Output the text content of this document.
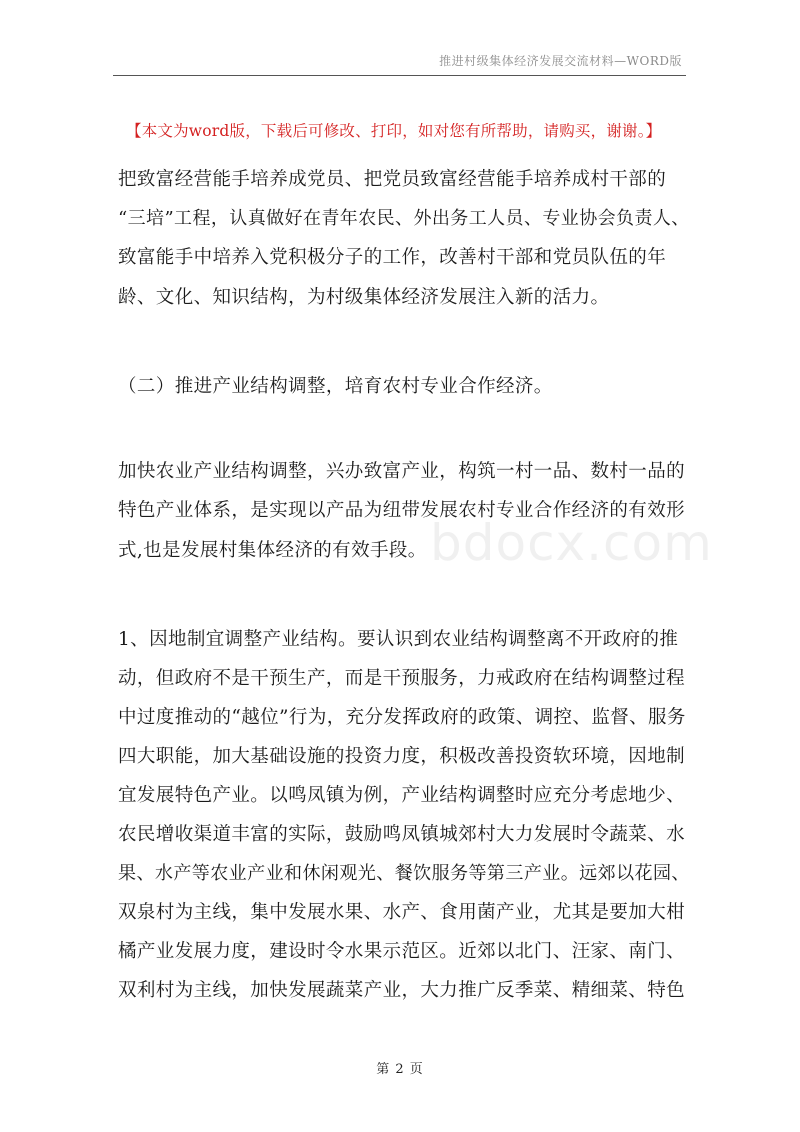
推进村级集体经济发展交流材料—WORD版
【本文为word版，下载后可修改、打印，如对您有所帮助，请购买，谢谢。】
把致富经营能手培养成党员、把党员致富经营能手培养成村干部的
“三培”工程，认真做好在青年农民、外出务工人员、专业协会负责人、
致富能手中培养入党积极分子的工作，改善村干部和党员队伍的年
龄、文化、知识结构，为村级集体经济发展注入新的活力。
（二）推进产业结构调整，培育农村专业合作经济。
加快农业产业结构调整，兴办致富产业，构筑一村一品、数村一品的
特色产业体系，是实现以产品为纽带发展农村专业合作经济的有效形
式,也是发展村集体经济的有效手段。 bdocx.com
1、因地制宜调整产业结构。要认识到农业结构调整离不开政府的推
动，但政府不是干预生产，而是干预服务，力戒政府在结构调整过程
中过度推动的“越位”行为，充分发挥政府的政策、调控、监督、服务
四大职能，加大基础设施的投资力度，积极改善投资软环境，因地制
宜发展特色产业。以鸣凤镇为例，产业结构调整时应充分考虑地少、
农民增收渠道丰富的实际，鼓励鸣凤镇城郊村大力发展时令蔬菜、水
果、水产等农业产业和休闲观光、餐饮服务等第三产业。远郊以花园、
双泉村为主线，集中发展水果、水产、食用菌产业，尤其是要加大柑
橘产业发展力度，建设时令水果示范区。近郊以北门、汪家、南门、
双利村为主线，加快发展蔬菜产业，大力推广反季菜、精细菜、特色
第 2 页
